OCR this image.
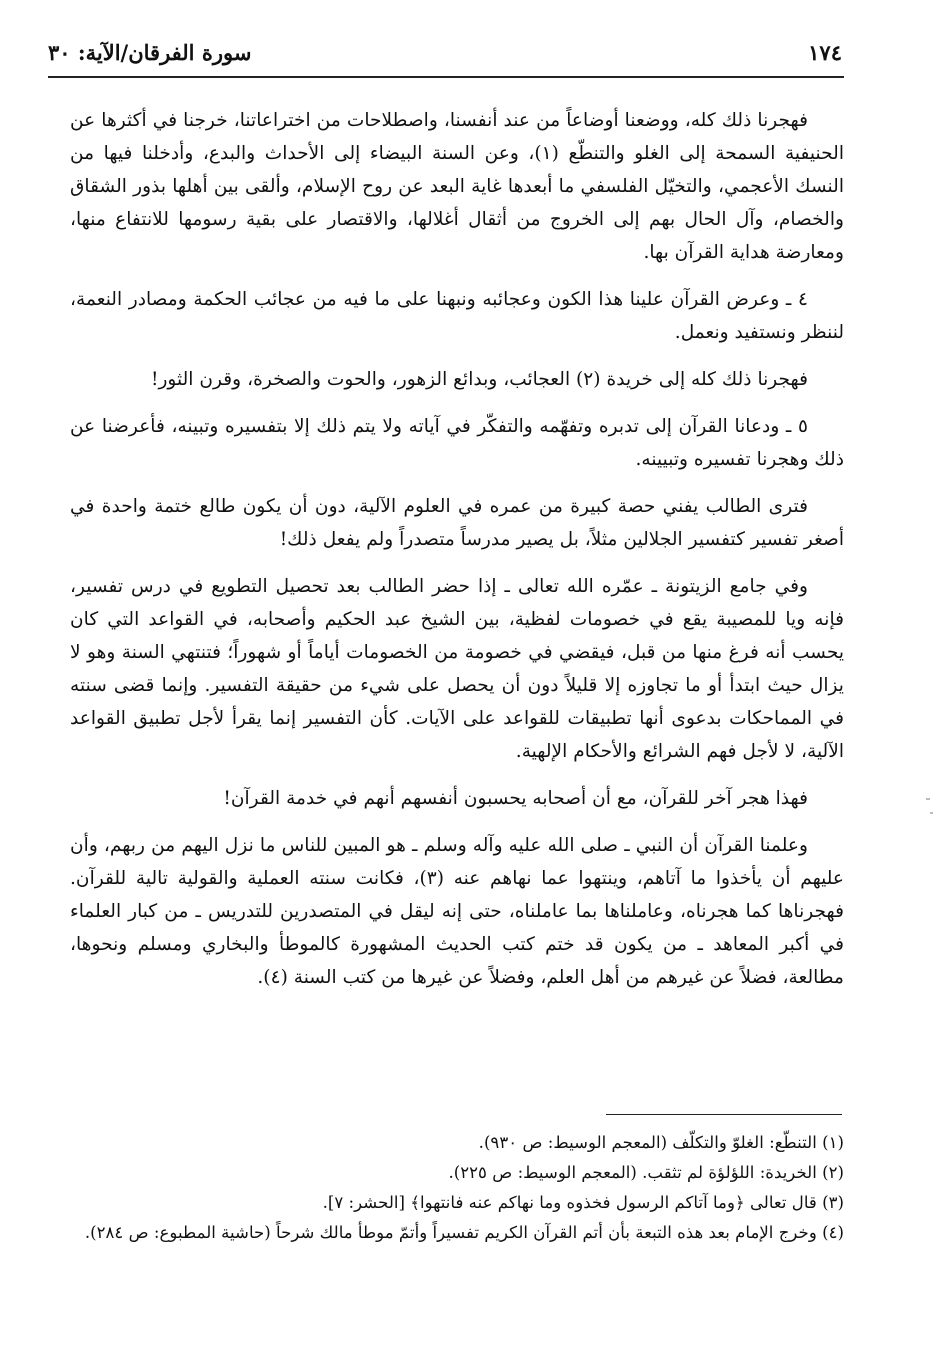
١٧٤
سورة الفرقان/الآية: ٣٠

فهجرنا ذلك كله، ووضعنا أوضاعاً من عند أنفسنا، واصطلاحات من اختراعاتنا، خرجنا في أكثرها عن الحنيفية السمحة إلى الغلو والتنطّع (١)، وعن السنة البيضاء إلى الأحداث والبدع، وأدخلنا فيها من النسك الأعجمي، والتخيّل الفلسفي ما أبعدها غاية البعد عن روح الإسلام، وألقى بين أهلها بذور الشقاق والخصام، وآل الحال بهم إلى الخروج من أثقال أغلالها، والاقتصار على بقية رسومها للانتفاع منها، ومعارضة هداية القرآن بها.

٤ ـ وعرض القرآن علينا هذا الكون وعجائبه ونبهنا على ما فيه من عجائب الحكمة ومصادر النعمة، لننظر ونستفيد ونعمل.

فهجرنا ذلك كله إلى خريدة (٢) العجائب، وبدائع الزهور، والحوت والصخرة، وقرن الثور!

٥ ـ ودعانا القرآن إلى تدبره وتفهّمه والتفكّر في آياته ولا يتم ذلك إلا بتفسيره وتبينه، فأعرضنا عن ذلك وهجرنا تفسيره وتبيينه.

فترى الطالب يفني حصة كبيرة من عمره في العلوم الآلية، دون أن يكون طالع ختمة واحدة في أصغر تفسير كتفسير الجلالين مثلاً، بل يصير مدرساً متصدراً ولم يفعل ذلك!

وفي جامع الزيتونة ـ عمّره الله تعالى ـ إذا حضر الطالب بعد تحصيل التطويع في درس تفسير، فإنه ويا للمصيبة يقع في خصومات لفظية، بين الشيخ عبد الحكيم وأصحابه، في القواعد التي كان يحسب أنه فرغ منها من قبل، فيقضي في خصومة من الخصومات أياماً أو شهوراً؛ فتنتهي السنة وهو لا يزال حيث ابتدأ أو ما تجاوزه إلا قليلاً دون أن يحصل على شيء من حقيقة التفسير. وإنما قضى سنته في المماحكات بدعوى أنها تطبيقات للقواعد على الآيات. كأن التفسير إنما يقرأ لأجل تطبيق القواعد الآلية، لا لأجل فهم الشرائع والأحكام الإلهية.

فهذا هجر آخر للقرآن، مع أن أصحابه يحسبون أنفسهم أنهم في خدمة القرآن!

وعلمنا القرآن أن النبي ـ صلى الله عليه وآله وسلم ـ هو المبين للناس ما نزل اليهم من ربهم، وأن عليهم أن يأخذوا ما آتاهم، وينتهوا عما نهاهم عنه (٣)، فكانت سنته العملية والقولية تالية للقرآن. فهجرناها كما هجرناه، وعاملناها بما عاملناه، حتى إنه ليقل في المتصدرين للتدريس ـ من كبار العلماء في أكبر المعاهد ـ من يكون قد ختم كتب الحديث المشهورة كالموطأ والبخاري ومسلم ونحوها، مطالعة، فضلاً عن غيرهم من أهل العلم، وفضلاً عن غيرها من كتب السنة (٤).

(١) التنطّع: الغلوّ والتكلّف (المعجم الوسيط: ص ٩٣٠).

(٢) الخريدة: اللؤلؤة لم تثقب. (المعجم الوسيط: ص ٢٢٥).

(٣) قال تعالى ﴿وما آتاكم الرسول فخذوه وما نهاكم عنه فانتهوا﴾ [الحشر: ٧].

(٤) وخرج الإمام بعد هذه التبعة بأن أتم القرآن الكريم تفسيراً وأتمّ موطأ مالك شرحاً (حاشية المطبوع: ص ٢٨٤).
